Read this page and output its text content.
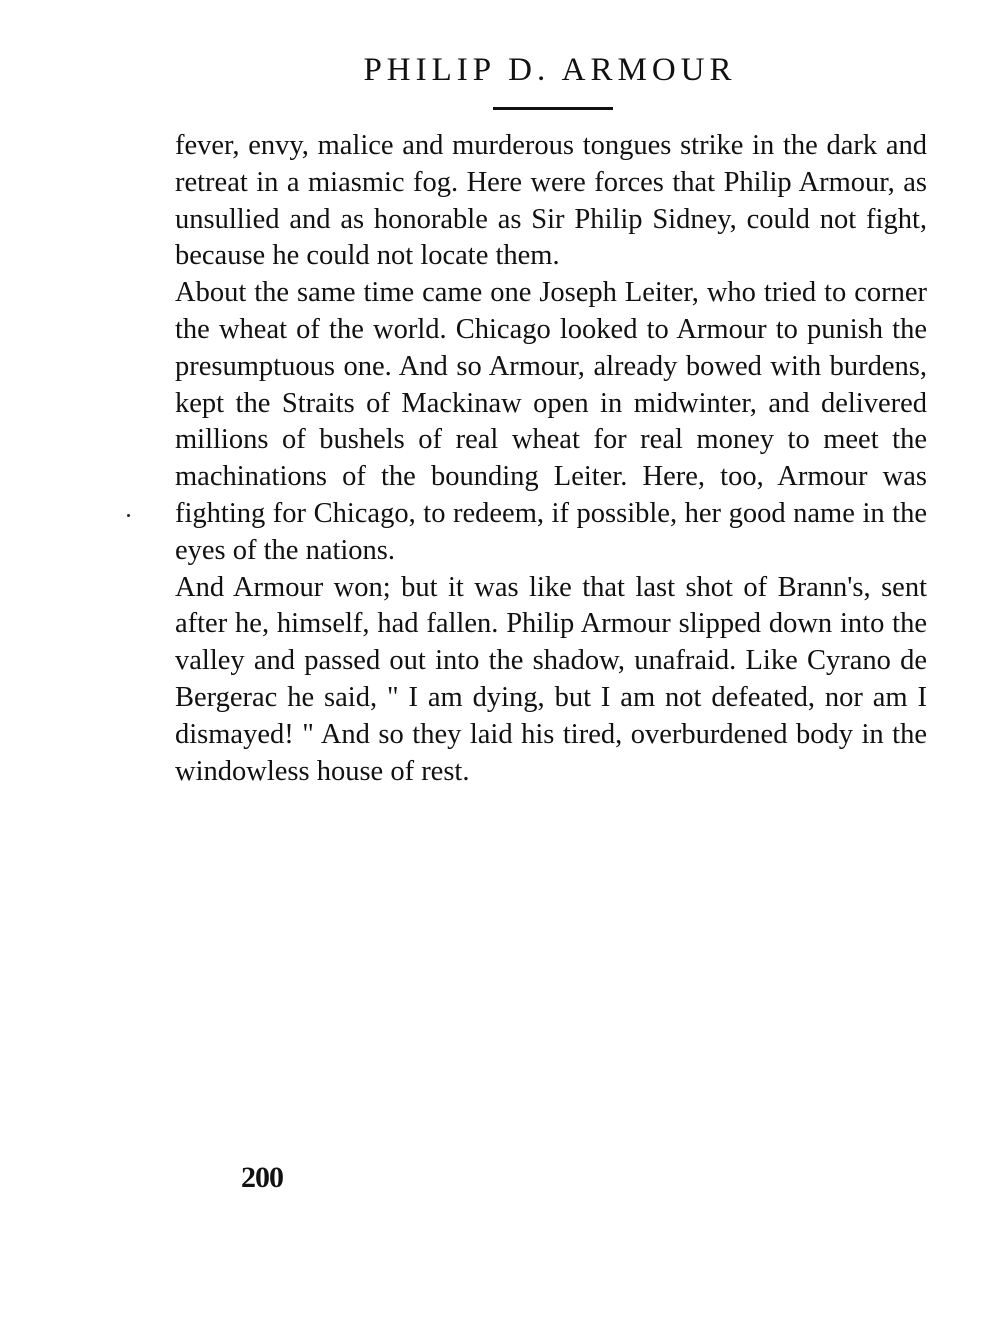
PHILIP D. ARMOUR

fever, envy, malice and murderous tongues strike in the dark and retreat in a miasmic fog. Here were forces that Philip Armour, as unsullied and as honorable as Sir Philip Sidney, could not fight, because he could not locate them.

About the same time came one Joseph Leiter, who tried to corner the wheat of the world. Chicago looked to Armour to punish the presumptuous one. And so Armour, already bowed with burdens, kept the Straits of Mackinaw open in midwinter, and delivered millions of bushels of real wheat for real money to meet the machinations of the bounding Leiter. Here, too, Armour was fighting for Chicago, to redeem, if possible, her good name in the eyes of the nations.

And Armour won; but it was like that last shot of Brann's, sent after he, himself, had fallen. Philip Armour slipped down into the valley and passed out into the shadow, unafraid. Like Cyrano de Bergerac he said, " I am dying, but I am not defeated, nor am I dismayed! " And so they laid his tired, overburdened body in the windowless house of rest.

200
